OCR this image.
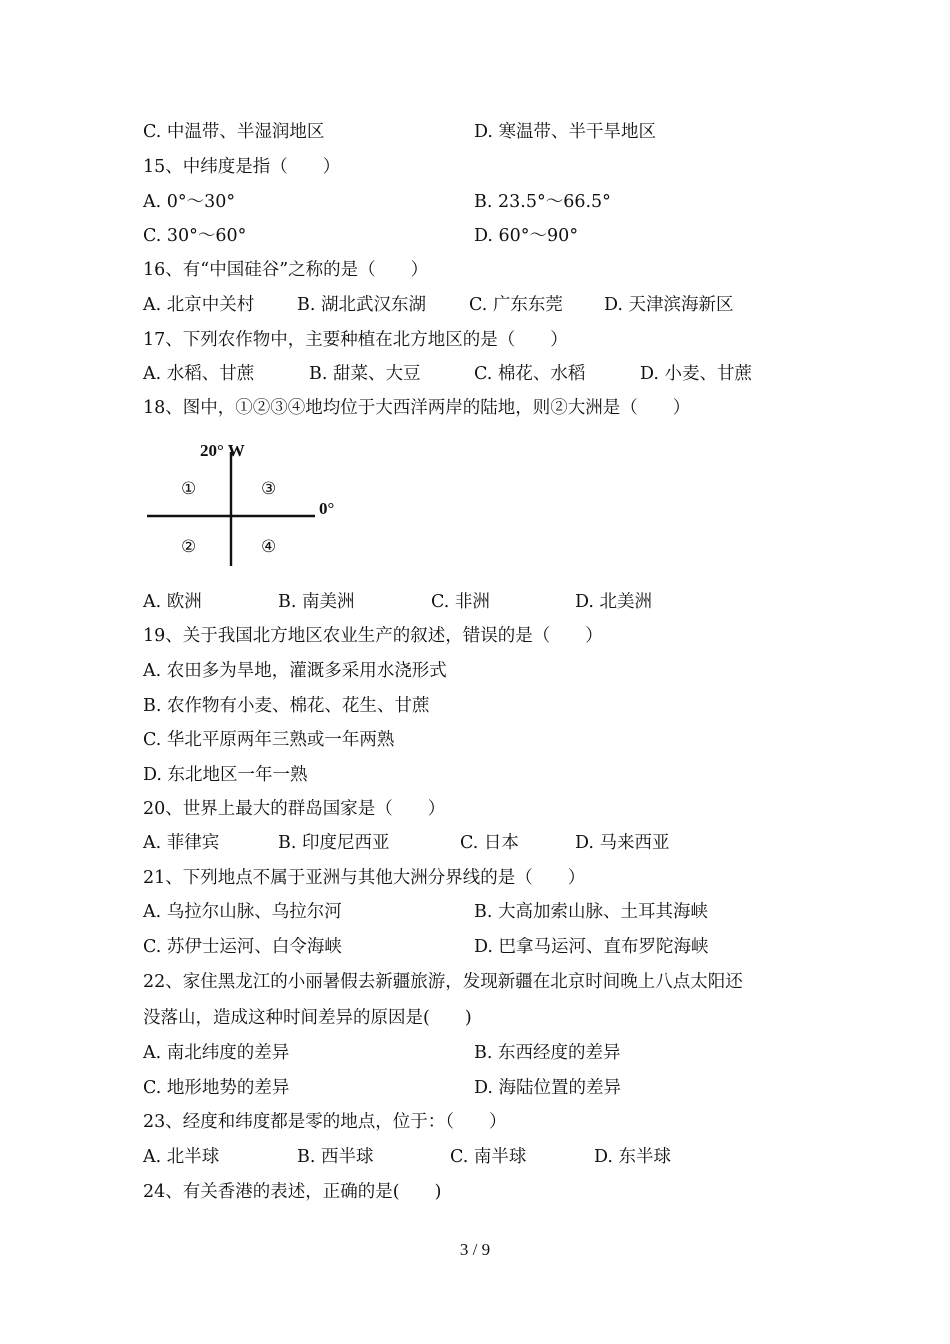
C. 中温带、半湿润地区	D. 寒温带、半干旱地区
15、中纬度是指（　　）
A. 0°～30°	B. 23.5°～66.5°
C. 30°～60°	D. 60°～90°
16、有“中国硅谷”之称的是（　　）
A. 北京中关村 B. 湖北武汉东湖 C. 广东东莞 D. 天津滨海新区
17、下列农作物中，主要种植在北方地区的是（　　）
A. 水稻、甘蔗	B. 甜菜、大豆	C. 棉花、水稻	D. 小麦、甘蔗
18、图中，①②③④地均位于大西洋两岸的陆地，则②大洲是（　　）
20° W
0°
①	③
②	④
A. 欧洲	B. 南美洲	C. 非洲	D. 北美洲
19、关于我国北方地区农业生产的叙述，错误的是（　　）
A. 农田多为旱地，灌溉多采用水浇形式
B. 农作物有小麦、棉花、花生、甘蔗
C. 华北平原两年三熟或一年两熟
D. 东北地区一年一熟
20、世界上最大的群岛国家是（　　）
A. 菲律宾	B. 印度尼西亚	C. 日本	D. 马来西亚
21、下列地点不属于亚洲与其他大洲分界线的是（　　）
A. 乌拉尔山脉、乌拉尔河	B. 大高加索山脉、土耳其海峡
C. 苏伊士运河、白令海峡	D. 巴拿马运河、直布罗陀海峡
22、家住黑龙江的小丽暑假去新疆旅游，发现新疆在北京时间晚上八点太阳还
没落山，造成这种时间差异的原因是(　　)
A. 南北纬度的差异	B. 东西经度的差异
C. 地形地势的差异	D. 海陆位置的差异
23、经度和纬度都是零的地点，位于：（　　）
A. 北半球	B. 西半球	C. 南半球	D. 东半球
24、有关香港的表述，正确的是(　　)
3 / 9
